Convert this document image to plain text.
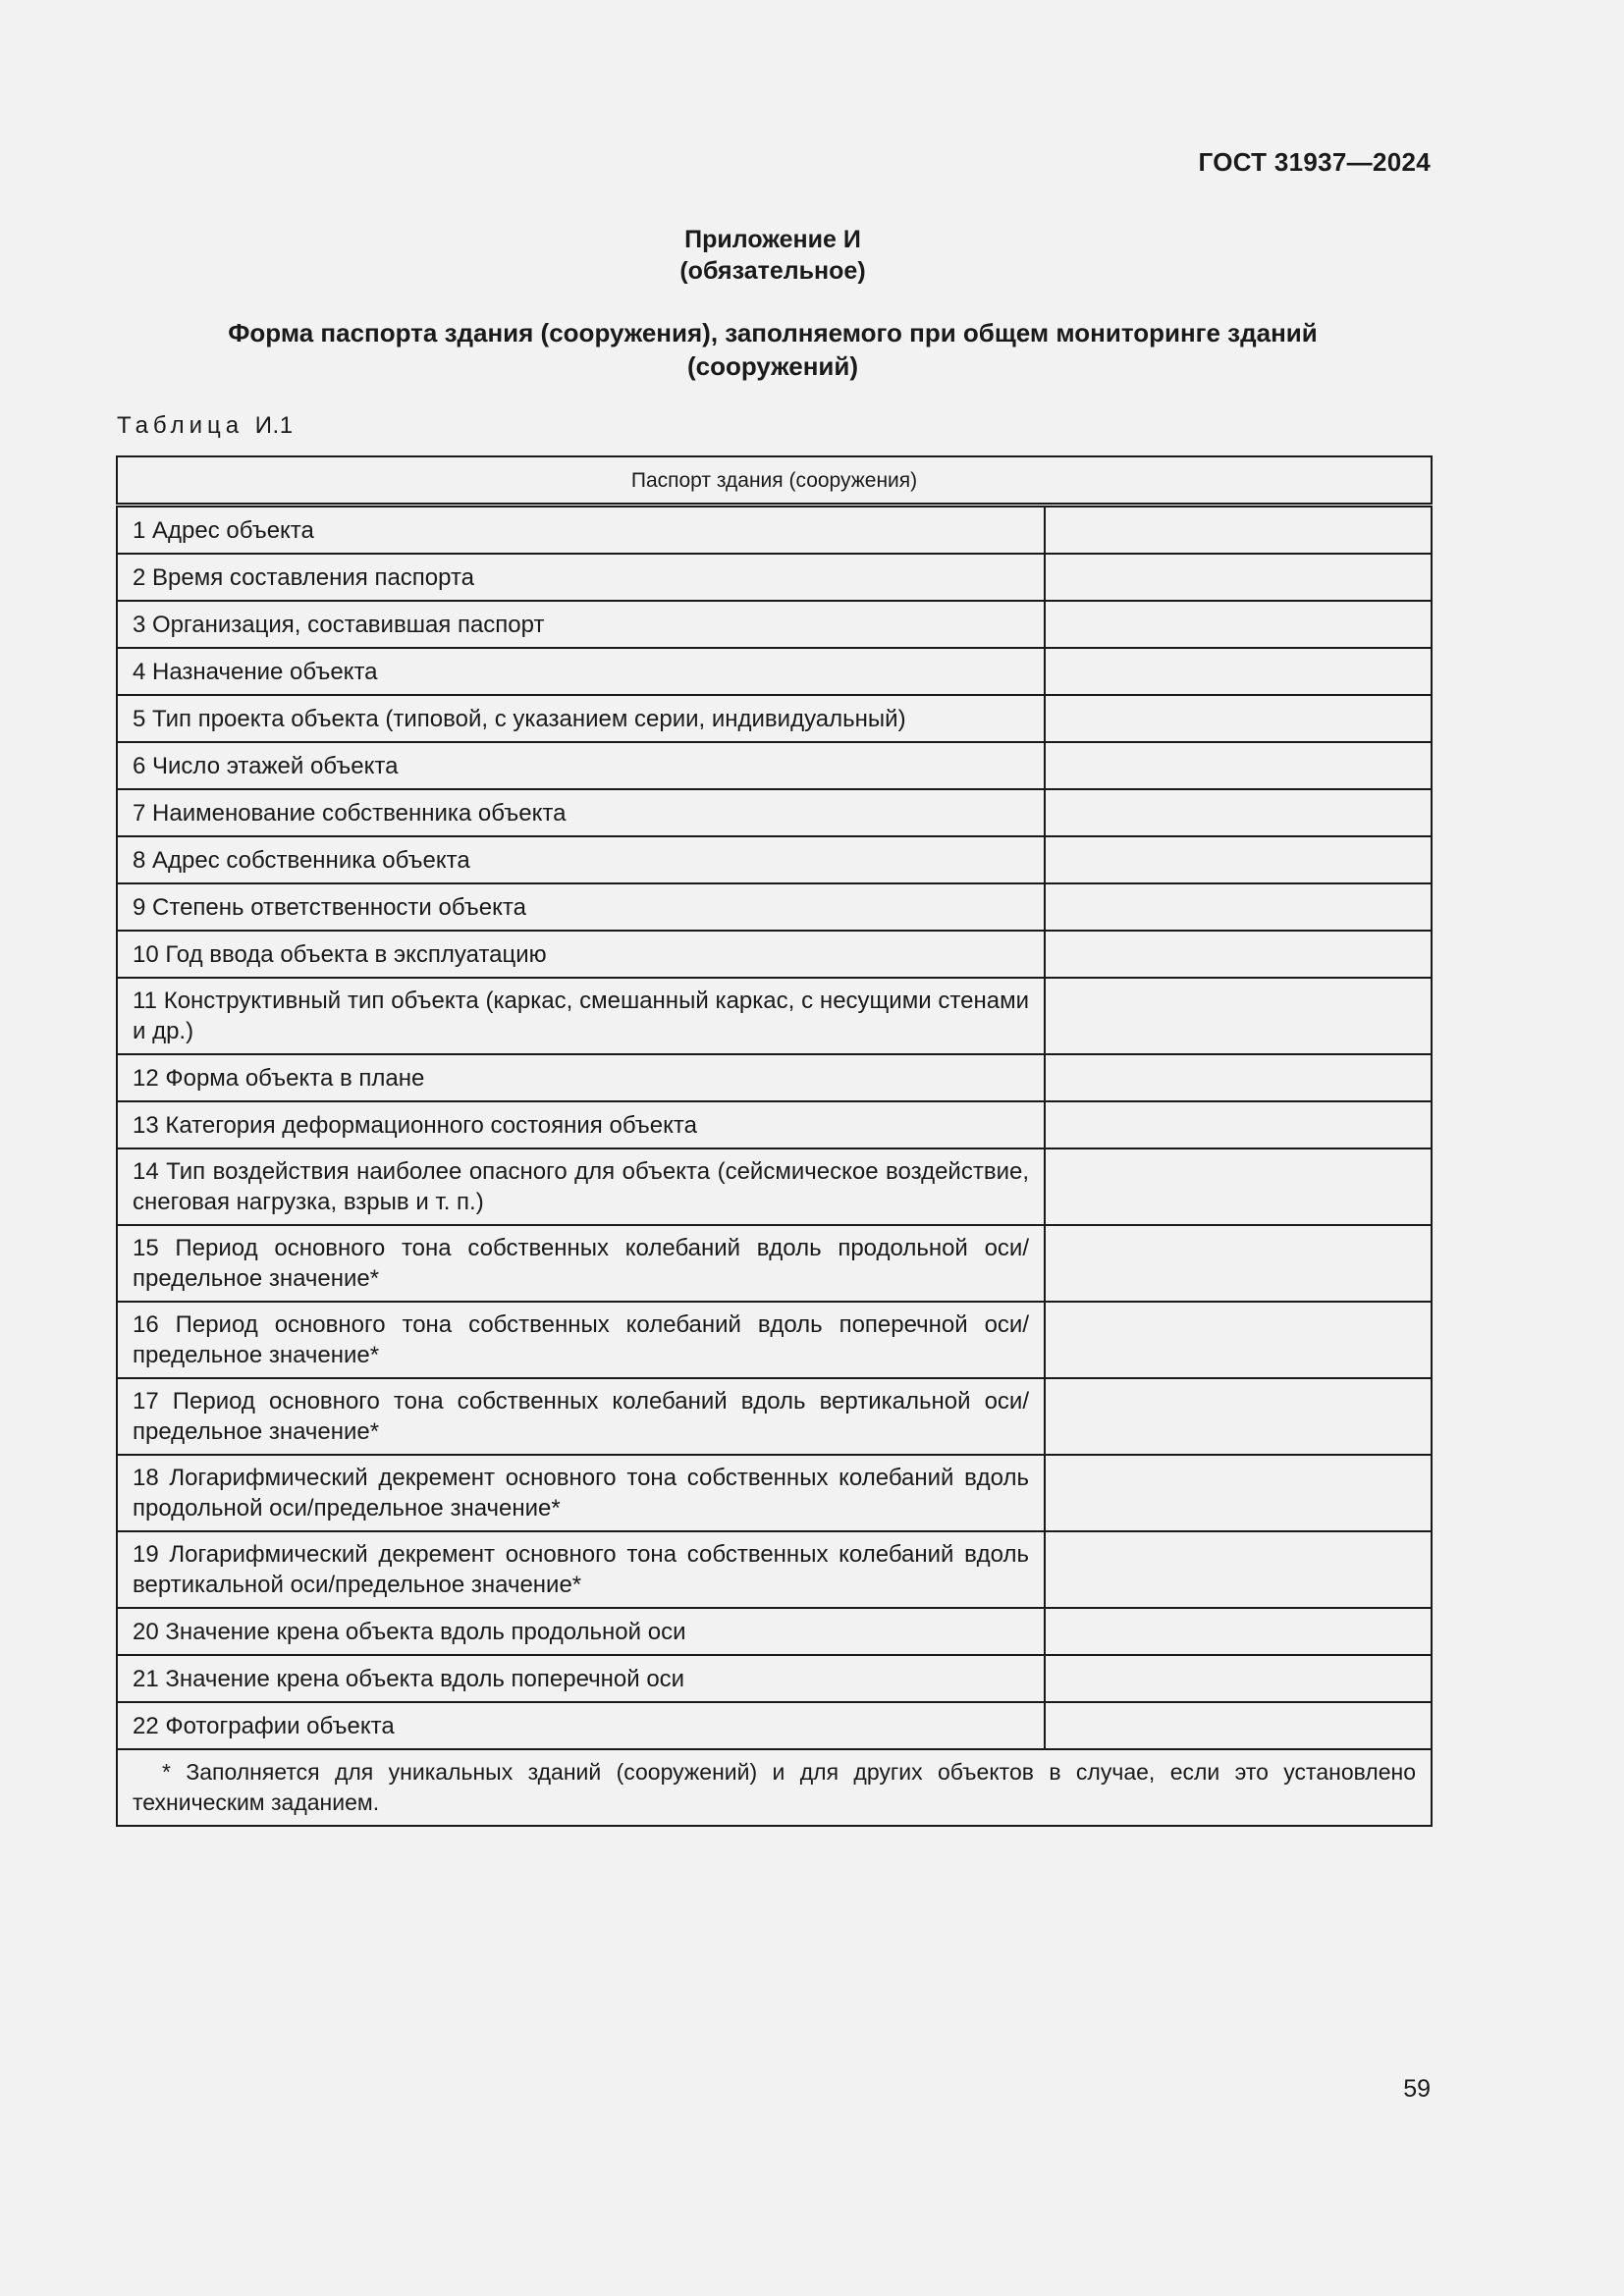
ГОСТ 31937—2024
Приложение И
(обязательное)
Форма паспорта здания (сооружения), заполняемого при общем мониторинге зданий (сооружений)
Таблица И.1
Паспорт здания (сооружения)	
1 Адрес объекта	
2 Время составления паспорта	
3 Организация, составившая паспорт	
4 Назначение объекта	
5 Тип проекта объекта (типовой, с указанием серии, индивидуальный)	
6 Число этажей объекта	
7 Наименование собственника объекта	
8 Адрес собственника объекта	
9 Степень ответственности объекта	
10 Год ввода объекта в эксплуатацию	
11 Конструктивный тип объекта (каркас, смешанный каркас, с несущими стенами и др.)	
12 Форма объекта в плане	
13 Категория деформационного состояния объекта	
14 Тип воздействия наиболее опасного для объекта (сейсмическое воздействие, снеговая нагрузка, взрыв и т. п.)	
15 Период основного тона собственных колебаний вдоль продольной оси/ предельное значение*	
16 Период основного тона собственных колебаний вдоль поперечной оси/ предельное значение*	
17 Период основного тона собственных колебаний вдоль вертикальной оси/ предельное значение*	
18 Логарифмический декремент основного тона собственных колебаний вдоль продольной оси/предельное значение*	
19 Логарифмический декремент основного тона собственных колебаний вдоль вертикальной оси/предельное значение*	
20 Значение крена объекта вдоль продольной оси	
21 Значение крена объекта вдоль поперечной оси	
22 Фотографии объекта	
* Заполняется для уникальных зданий (сооружений) и для других объектов в случае, если это установлено техническим заданием.	
59
